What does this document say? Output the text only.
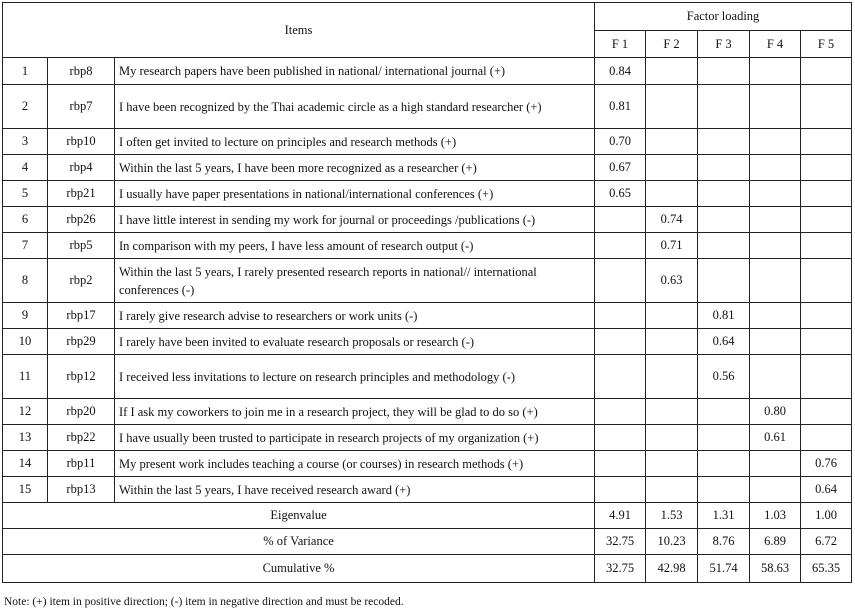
Items			Factor loading				
			F 1	F 2	F 3	F 4	F 5
1	rbp8	My research papers have been published in national/ international journal (+)	0.84				
2	rbp7	I have been recognized by the Thai academic circle as a high standard researcher (+)	0.81				
3	rbp10	I often get invited to lecture on principles and research methods (+)	0.70				
4	rbp4	Within the last 5 years, I have been more recognized as a researcher (+)	0.67				
5	rbp21	I usually have paper presentations in national/international conferences (+)	0.65				
6	rbp26	I have little interest in sending my work for journal or proceedings /publications (-)		0.74			
7	rbp5	In comparison with my peers, I have less amount of research output (-)		0.71			
8	rbp2	Within the last 5 years, I rarely presented research reports in national// international conferences (-)		0.63			
9	rbp17	I rarely give research advise to researchers or work units (-)			0.81		
10	rbp29	I rarely have been invited to evaluate research proposals or research (-)			0.64		
11	rbp12	I received less invitations to lecture on research principles and methodology (-)			0.56		
12	rbp20	If I ask my coworkers to join me in a research project, they will be glad to do so (+)				0.80	
13	rbp22	I have usually been trusted to participate in research projects of my organization (+)				0.61	
14	rbp11	My present work includes teaching a course (or courses) in research methods (+)					0.76
15	rbp13	Within the last 5 years, I have received research award (+)					0.64
Eigenvalue			4.91	1.53	1.31	1.03	1.00
% of Variance			32.75	10.23	8.76	6.89	6.72
Cumulative %			32.75	42.98	51.74	58.63	65.35
Note: (+) item in positive direction; (-) item in negative direction and must be recoded.
